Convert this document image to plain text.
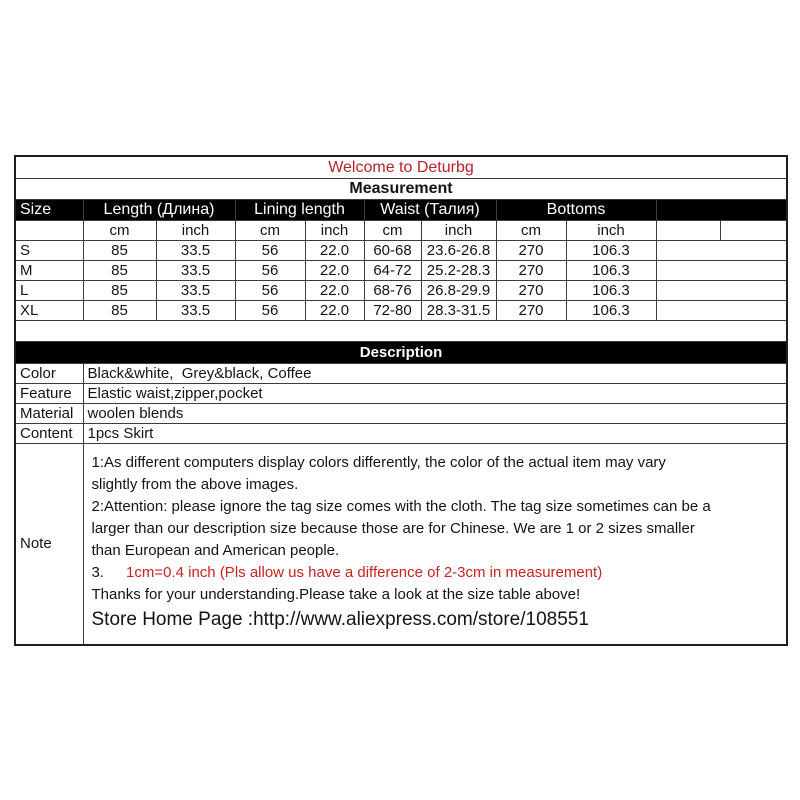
Welcome to Deturbg										
Measurement										
Size	Length (Длина)		Lining length		Waist (Талия)		Bottoms			
	cm	inch	cm	inch	cm	inch	cm	inch		
S	85	33.5	56	22.0	60-68	23.6-26.8	270	106.3		
M	85	33.5	56	22.0	64-72	25.2-28.3	270	106.3		
L	85	33.5	56	22.0	68-76	26.8-29.9	270	106.3		
XL	85	33.5	56	22.0	72-80	28.3-31.5	270	106.3		

Description										
Color	Black&white,  Grey&black, Coffee									
Feature	Elastic waist,zipper,pocket									
Material	woolen blends									
Content	1pcs Skirt									
Note	
1:As different computers display colors differently, the color of the actual item may vary
slightly from the above images.
2:Attention: please ignore the tag size comes with the cloth. The tag size sometimes can be a
larger than our description size because those are for Chinese. We are 1 or 2 sizes smaller
than European and American people.
3. 1cm=0.4 inch (Pls allow us have a difference of 2-3cm in measurement)
Thanks for your understanding.Please take a look at the size table above!
Store Home Page :http://www.aliexpress.com/store/108551
